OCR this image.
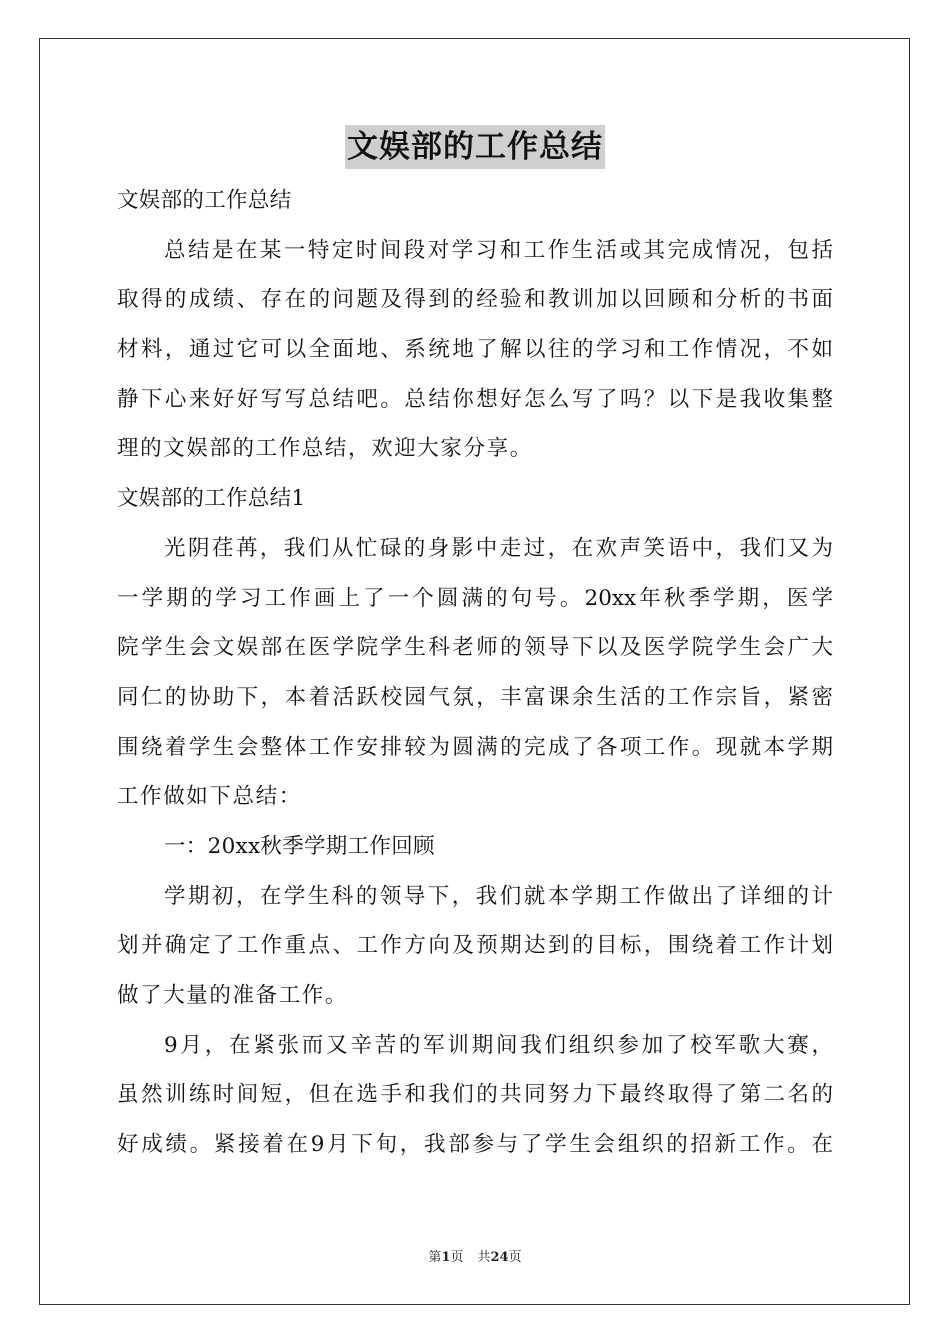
文娱部的工作总结
文娱部的工作总结
总结是在某一特定时间段对学习和工作生活或其完成情况，包括
取得的成绩、存在的问题及得到的经验和教训加以回顾和分析的书面
材料，通过它可以全面地、系统地了解以往的学习和工作情况，不如
静下心来好好写写总结吧。总结你想好怎么写了吗？以下是我收集整
理的文娱部的工作总结，欢迎大家分享。
文娱部的工作总结1
光阴荏苒，我们从忙碌的身影中走过，在欢声笑语中，我们又为
一学期的学习工作画上了一个圆满的句号。20xx年秋季学期，医学
院学生会文娱部在医学院学生科老师的领导下以及医学院学生会广大
同仁的协助下，本着活跃校园气氛，丰富课余生活的工作宗旨，紧密
围绕着学生会整体工作安排较为圆满的完成了各项工作。现就本学期
工作做如下总结：
一：20xx秋季学期工作回顾
学期初，在学生科的领导下，我们就本学期工作做出了详细的计
划并确定了工作重点、工作方向及预期达到的目标，围绕着工作计划
做了大量的准备工作。
9月，在紧张而又辛苦的军训期间我们组织参加了校军歌大赛，
虽然训练时间短，但在选手和我们的共同努力下最终取得了第二名的
好成绩。紧接着在9月下旬，我部参与了学生会组织的招新工作。在
第1页 共24页
